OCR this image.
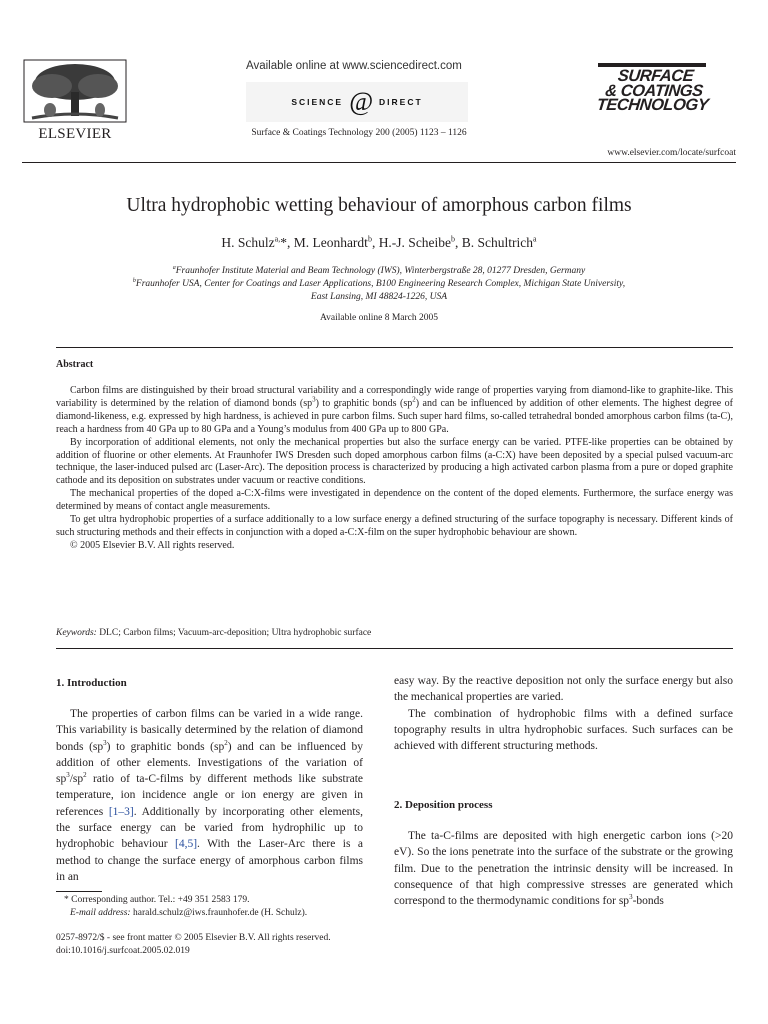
ELSEVIER
Available online at www.sciencedirect.com
SCIENCE @ DIRECT
Surface & Coatings Technology 200 (2005) 1123 – 1126
SURFACE
& COATINGS
TECHNOLOGY
www.elsevier.com/locate/surfcoat
Ultra hydrophobic wetting behaviour of amorphous carbon films
H. Schulz$^{a,}$*, M. Leonhardt$^b$, H.-J. Scheibe$^b$, B. Schultrich$^a$
$^a$Fraunhofer Institute Material and Beam Technology (IWS), Winterbergstraße 28, 01277 Dresden, Germany
$^b$Fraunhofer USA, Center for Coatings and Laser Applications, B100 Engineering Research Complex, Michigan State University,
East Lansing, MI 48824-1226, USA
Available online 8 March 2005
Abstract

Carbon films are distinguished by their broad structural variability and a correspondingly wide range of properties varying from diamond-like to graphite-like. This variability is determined by the relation of diamond bonds $(sp^3)$ to graphitic bonds $(sp^2)$ and can be influenced by addition of other elements. The highest degree of diamond-likeness, e.g. expressed by high hardness, is achieved in pure carbon films. Such super hard films, so-called tetrahedral bonded amorphous carbon films (ta-C), reach a hardness from 40 GPa up to 80 GPa and a Young’s modulus from 400 GPa up to 800 GPa.

By incorporation of additional elements, not only the mechanical properties but also the surface energy can be varied. PTFE-like properties can be obtained by addition of fluorine or other elements. At Fraunhofer IWS Dresden such doped amorphous carbon films (a-C:X) have been deposited by a special pulsed vacuum-arc technique, the laser-induced pulsed arc (Laser-Arc). The deposition process is characterized by producing a high activated carbon plasma from a pure or doped graphite cathode and its deposition on substrates under vacuum or reactive conditions.

The mechanical properties of the doped a-C:X-films were investigated in dependence on the content of the doped elements. Furthermore, the surface energy was determined by means of contact angle measurements.

To get ultra hydrophobic properties of a surface additionally to a low surface energy a defined structuring of the surface topography is necessary. Different kinds of such structuring methods and their effects in conjunction with a doped a-C:X-film on the super hydrophobic behaviour are shown.

© 2005 Elsevier B.V. All rights reserved.

Keywords: DLC; Carbon films; Vacuum-arc-deposition; Ultra hydrophobic surface
1. Introduction

The properties of carbon films can be varied in a wide range. This variability is basically determined by the relation of diamond bonds $(sp^3)$ to graphitic bonds $(sp^2)$ and can be influenced by addition of other elements. Investigations of the variation of $sp^3/sp^2$ ratio of ta-C-films by different methods like substrate temperature, ion incidence angle or ion energy are given in references [1–3]. Additionally by incorporating other elements, the surface energy can be varied from hydrophilic up to hydrophobic behaviour [4,5]. With the Laser-Arc there is a method to change the surface energy of amorphous carbon films in an

* Corresponding author. Tel.: +49 351 2583 179.
E-mail address: harald.schulz@iws.fraunhofer.de (H. Schulz).
0257-8972/$ - see front matter © 2005 Elsevier B.V. All rights reserved.
doi:10.1016/j.surfcoat.2005.02.019

easy way. By the reactive deposition not only the surface energy but also the mechanical properties are varied.

The combination of hydrophobic films with a defined surface topography results in ultra hydrophobic surfaces. Such surfaces can be achieved with different structuring methods.

2. Deposition process

The ta-C-films are deposited with high energetic carbon ions (>20 eV). So the ions penetrate into the surface of the substrate or the growing film. Due to the penetration the intrinsic density will be increased. In consequence of that high compressive stresses are generated which correspond to the thermodynamic conditions for $sp^3$-bonds
